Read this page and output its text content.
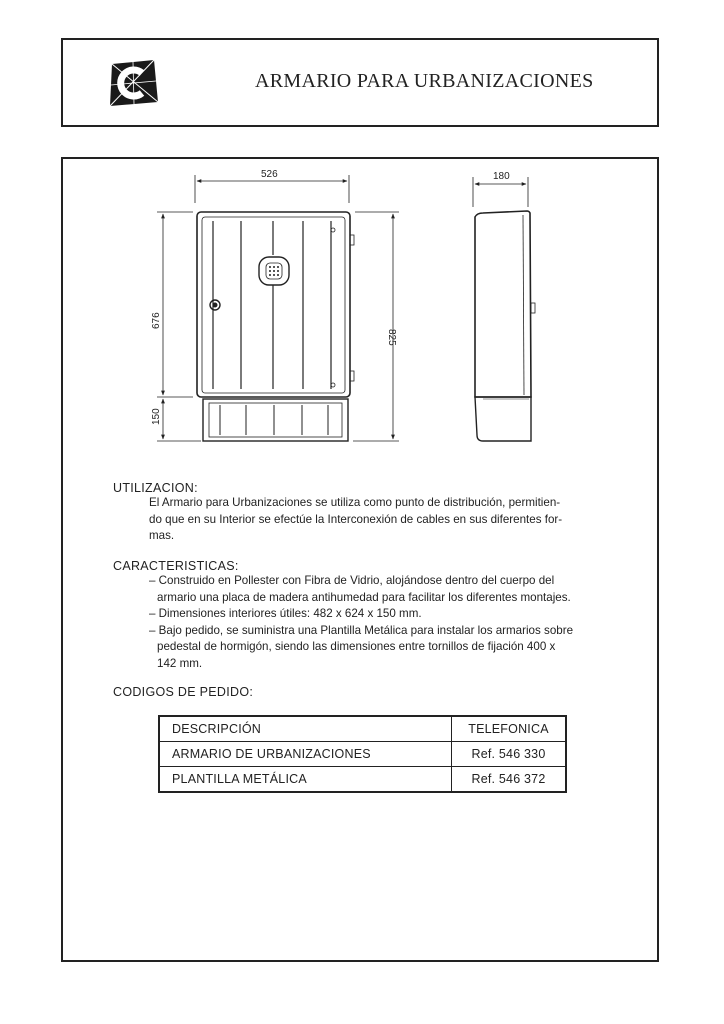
ARMARIO PARA URBANIZACIONES
526	180
676
150
825
UTILIZACION:

El Armario para Urbanizaciones se utiliza como punto de distribución, permitien-

do que en su Interior se efectúe la Interconexión de cables en sus diferentes for-

mas.

CARACTERISTICAS:

– Construido en Pollester con Fibra de Vidrio, alojándose dentro del cuerpo del

armario una placa de madera antihumedad para facilitar los diferentes montajes.

– Dimensiones interiores útiles: 482 x 624 x 150 mm.

– Bajo pedido, se suministra una Plantilla Metálica para instalar los armarios sobre

pedestal de hormigón, siendo las dimensiones entre tornillos de fijación 400 x

142 mm.

CODIGOS DE PEDIDO:
DESCRIPCIÓN	TELEFONICA
ARMARIO DE URBANIZACIONES	Ref. 546 330
PLANTILLA METÁLICA	Ref. 546 372
